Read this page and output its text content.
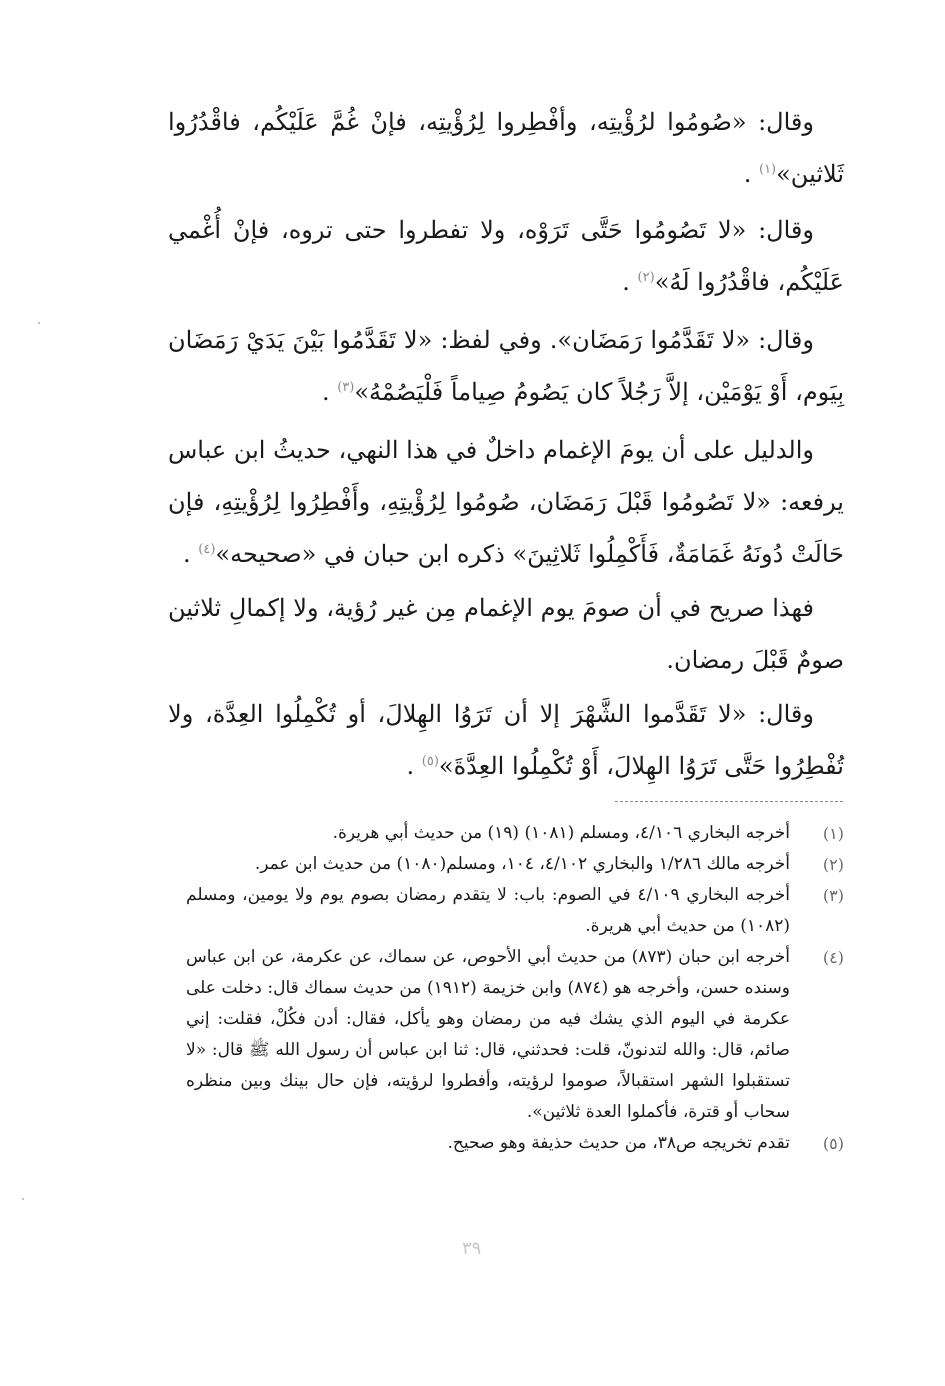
وقال: «صُومُوا لرُؤْيتِه، وأفْطِروا لِرُؤْيتِه، فإنْ غُمَّ عَلَيْكُم، فاقْدُرُوا ثَلاثين»$^{(١)}$ .

وقال: «لا تَصُومُوا حَتَّى تَرَوْه، ولا تفطروا حتى تروه، فإنْ أُغْمي عَلَيْكُم، فاقْدُرُوا لَهُ»$^{(٢)}$ .

وقال: «لا تَقَدَّمُوا رَمَضَان». وفي لفظ: «لا تَقَدَّمُوا بَيْنَ يَدَيْ رَمَضَان بِيَوم، أَوْ يَوْمَيْن، إلاَّ رَجُلاً كان يَصُومُ صِياماً فَلْيَصُمْهُ»$^{(٣)}$ .

والدليل على أن يومَ الإغمام داخلٌ في هذا النهي، حديثُ ابن عباس يرفعه: «لا تَصُومُوا قَبْلَ رَمَضَان، صُومُوا لِرُؤْيتِهِ، وأَفْطِرُوا لِرُؤْيتِهِ، فإن حَالَتْ دُونَهُ غَمَامَةٌ، فَأَكْمِلُوا ثَلاثِينَ» ذكره ابن حبان في «صحيحه»$^{(٤)}$ .

فهذا صريح في أن صومَ يوم الإغمام مِن غير رُؤية، ولا إكمالِ ثلاثين صومٌ قَبْلَ رمضان.

وقال: «لا تَقَدَّموا الشَّهْرَ إلا أن تَرَوُا الهِلالَ، أو تُكْمِلُوا العِدَّة، ولا تُفْطِرُوا حَتَّى تَرَوُا الهِلالَ، أَوْ تُكْمِلُوا العِدَّةَ»$^{(٥)}$ .

(١)
أخرجه البخاري ٤/١٠٦، ومسلم (١٠٨١) (١٩) من حديث أبي هريرة.
(٢)
أخرجه مالك ١/٢٨٦ والبخاري ٤/١٠٢، ١٠٤، ومسلم(١٠٨٠) من حديث ابن عمر.
(٣)
أخرجه البخاري ٤/١٠٩ في الصوم: باب: لا يتقدم رمضان بصوم يوم ولا يومين، ومسلم (١٠٨٢) من حديث أبي هريرة.
(٤)
أخرجه ابن حبان (٨٧٣) من حديث أبي الأحوص، عن سماك، عن عكرمة، عن ابن عباس وسنده حسن، وأخرجه هو (٨٧٤) وابن خزيمة (١٩١٢) من حديث سماك قال: دخلت على عكرمة في اليوم الذي يشك فيه من رمضان وهو يأكل، فقال: أدن فكُلْ، فقلت: إني صائم، قال: والله لتدنونّ، قلت: فحدثني، قال: ثنا ابن عباس أن رسول الله ﷺ قال: «لا تستقبلوا الشهر استقبالاً، صوموا لرؤيته، وأفطروا لرؤيته، فإن حال بينك وبين منظره سحاب أو قترة، فأكملوا العدة ثلاثين».
(٥)
تقدم تخريجه ص٣٨، من حديث حذيفة وهو صحيح.
٣٩
